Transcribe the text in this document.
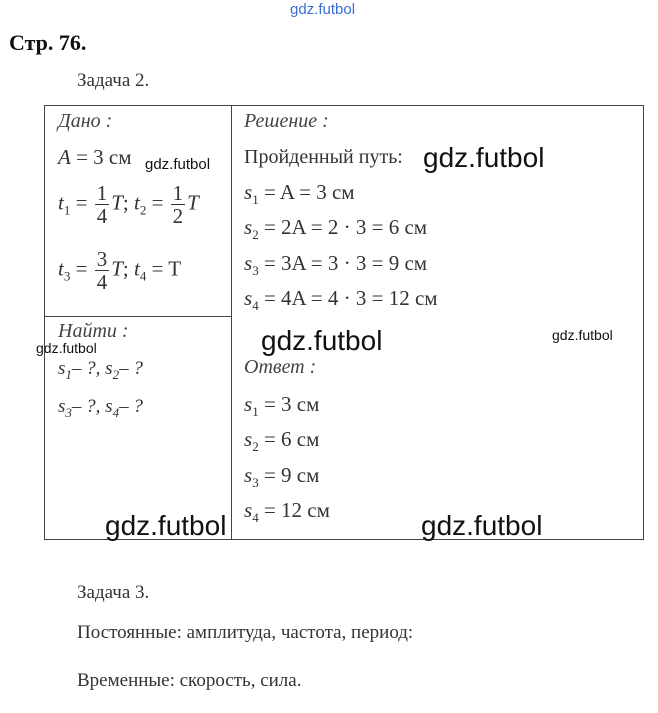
gdz.futbol
Стр. 76.
Задача 2.
Дано :
A = 3 см
$t_1 = \frac{1}{4} T$; $t_2 = \frac{1}{2}$ T
$t_3 = \frac{3}{4} T$; $t_4 = T$
Найти :
$s_1-$ ?, $s_2-$ ?
$s_3-$ ?, $s_4-$ ?
Решение :
Пройденный путь:
$s_1 = A = 3$ см
$s_2 = 2A = 2 \cdot 3 = 6$ см
$s_3 = 3A = 3 \cdot 3 = 9$ см
$s_4 = 4A = 4 \cdot 3 = 12$ см
Ответ :
$s_1 = 3$ см
$s_2 = 6$ см
$s_3 = 9$ см
$s_4 = 12$ см
gdz.futbol	gdz.futbol
gdz.futbol
gdz.futbol
gdz.futbol
gdz.futbol	gdz.futbol
Задача 3.
Постоянные: амплитуда, частота, период:
Временные: скорость, сила.
